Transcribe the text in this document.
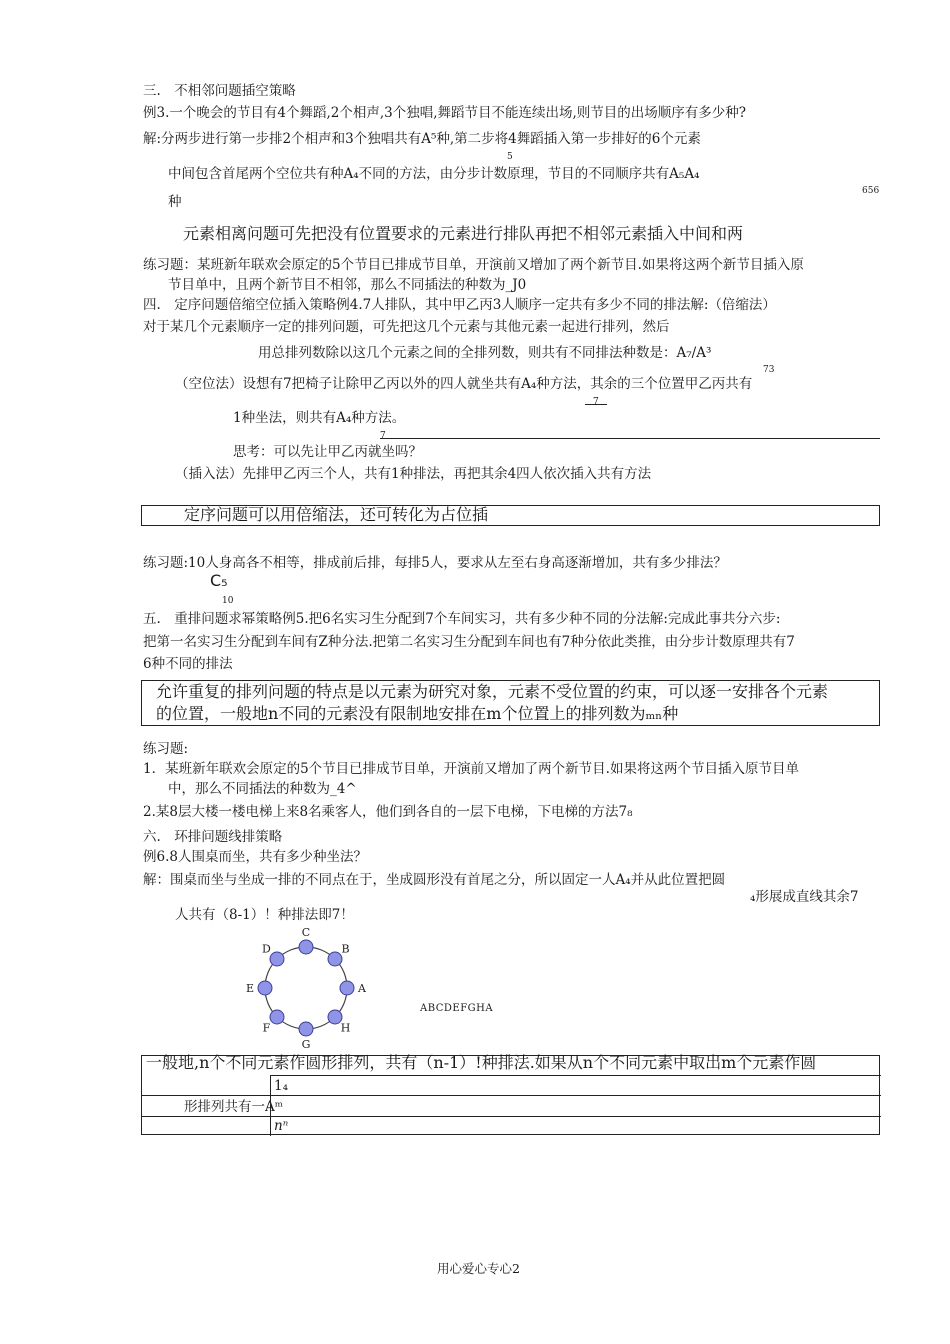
三.　不相邻问题插空策略
例3.一个晚会的节目有4个舞蹈,2个相声,3个独唱,舞蹈节目不能连续出场,则节目的出场顺序有多少种?
解:分两步进行第一步排2个相声和3个独唱共有A⁵种,第二步将4舞蹈插入第一步排好的6个元素
5
中间包含首尾两个空位共有种A₄不同的方法，由分步计数原理，节目的不同顺序共有A₅A₄
656
种
元素相离问题可先把没有位置要求的元素进行排队再把不相邻元素插入中间和两
练习题：某班新年联欢会原定的5个节目已排成节目单，开演前又增加了两个新节目.如果将这两个新节目插入原
节目单中，且两个新节目不相邻，那么不同插法的种数为_J0
四.　定序问题倍缩空位插入策略例4.7人排队，其中甲乙丙3人顺序一定共有多少不同的排法解:（倍缩法）
对于某几个元素顺序一定的排列问题，可先把这几个元素与其他元素一起进行排列，然后
用总排列数除以这几个元素之间的全排列数，则共有不同排法种数是：A₇/A³
73
（空位法）设想有7把椅子让除甲乙丙以外的四人就坐共有A₄种方法，其余的三个位置甲乙丙共有
7
1种坐法，则共有A₄种方法。
7
思考：可以先让甲乙丙就坐吗？
（插入法）先排甲乙丙三个人，共有1种排法，再把其余4四人依次插入共有方法
定序问题可以用倍缩法，还可转化为占位插
练习题:10人身高各不相等，排成前后排，每排5人，要求从左至右身高逐渐增加，共有多少排法？
C₅
10
五.　重排问题求幂策略例5.把6名实习生分配到7个车间实习，共有多少种不同的分法解:完成此事共分六步:
把第一名实习生分配到车间有Z种分法.把第二名实习生分配到车间也有7种分依此类推，由分步计数原理共有7
6种不同的排法
允许重复的排列问题的特点是以元素为研究对象，元素不受位置的约束，可以逐一安排各个元素
的位置，一般地n不同的元素没有限制地安排在m个位置上的排列数为ₘₙ种
练习题:
1．某班新年联欢会原定的5个节目已排成节目单，开演前又增加了两个新节目.如果将这两个节目插入原节目单
中，那么不同插法的种数为_4^
2.某8层大楼一楼电梯上来8名乘客人，他们到各自的一层下电梯，下电梯的方法7₈
六.　环排问题线排策略
例6.8人围桌而坐，共有多少种坐法？
解：围桌而坐与坐成一排的不同点在于，坐成圆形没有首尾之分，所以固定一人A₄并从此位置把圆
₄形展成直线其余7
人共有（8-1）！种排法即7！
C
B
A
H
G
F
E
D
ABCDEFGHA
一般地,n个不同元素作圆形排列，共有（n-1）!种排法.如果从n个不同元素中取出m个元素作圆
1₄
形排列共有一Aᵐ
nⁿ
用心爱心专心2
